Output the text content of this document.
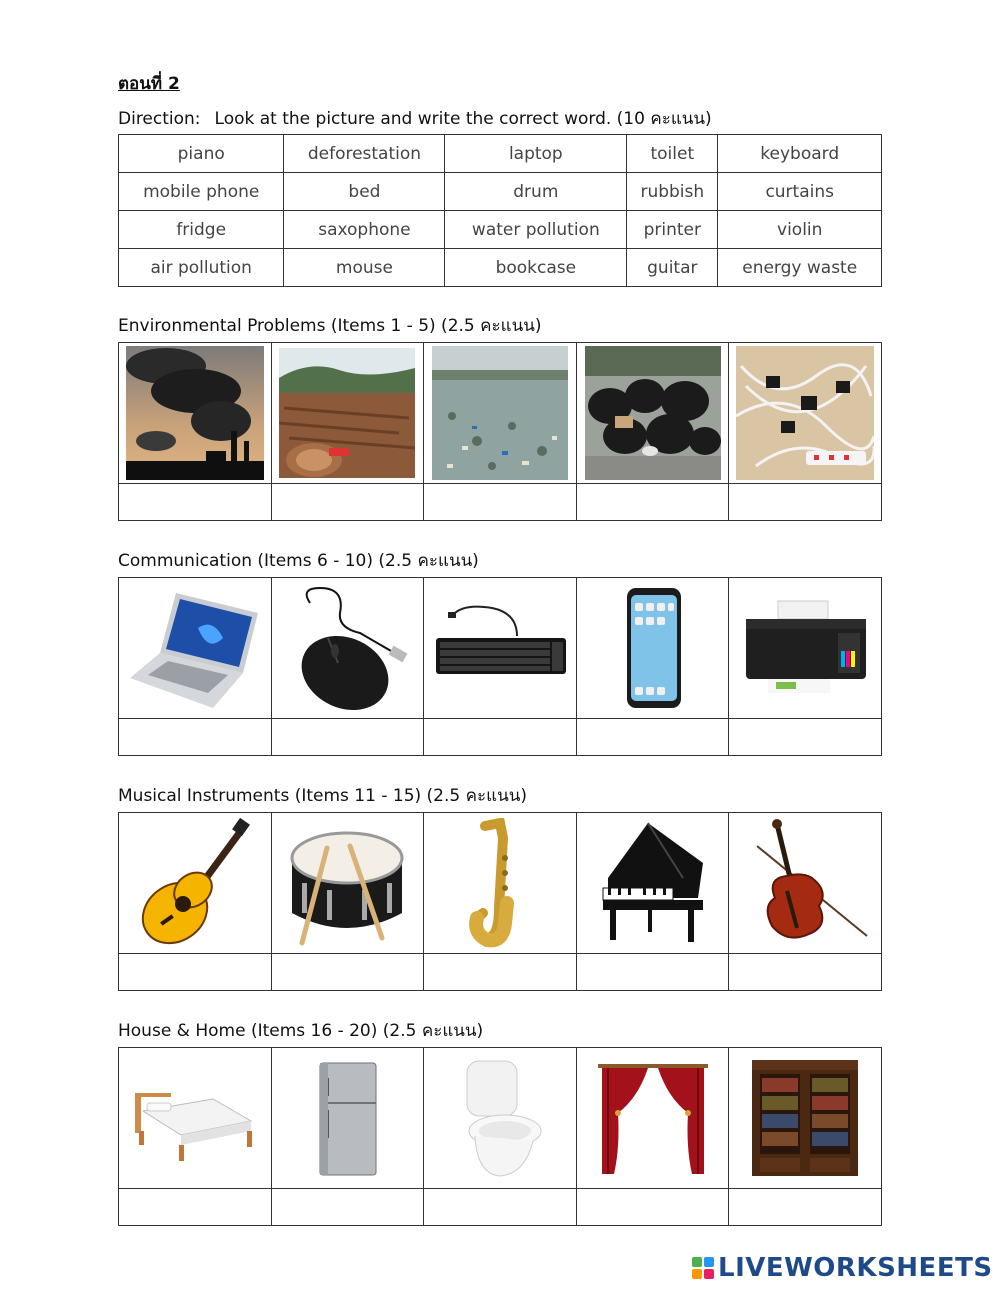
ตอนที่ 2
Direction: Look at the picture and write the correct word. (10 คะแนน)
piano	deforestation	laptop	toilet	keyboard
mobile phone	bed	drum	rubbish	curtains
fridge	saxophone	water pollution	printer	violin
air pollution	mouse	bookcase	guitar	energy waste
Environmental Problems (Items 1 - 5) (2.5 คะแนน)

Communication (Items 6 - 10) (2.5 คะแนน)

Musical Instruments (Items 11 - 15) (2.5 คะแนน)

House & Home (Items 16 - 20) (2.5 คะแนน)

LIVEWORKSHEETS
